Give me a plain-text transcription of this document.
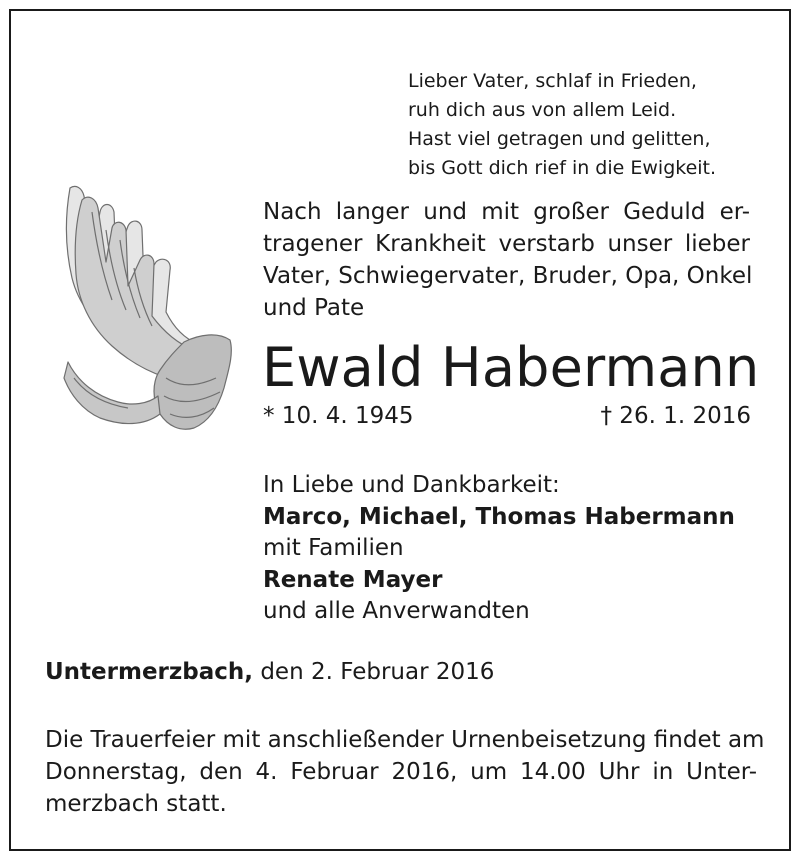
Lieber Vater, schlaf in Frieden,
ruh dich aus von allem Leid.
Hast viel getragen und gelitten,
bis Gott dich rief in die Ewigkeit.
Nach langer und mit großer Geduld er-
tragener Krankheit verstarb unser lieber
Vater, Schwiegervater, Bruder, Opa, Onkel
und Pate
Ewald Habermann
* 10. 4. 1945	† 26. 1. 2016
In Liebe und Dankbarkeit:
Marco, Michael, Thomas Habermann
mit Familien
Renate Mayer
und alle Anverwandten
Untermerzbach, den 2. Februar 2016
Die Trauerfeier mit anschließender Urnenbeisetzung findet am
Donnerstag, den 4. Februar 2016, um 14.00 Uhr in Unter-
merzbach statt.
